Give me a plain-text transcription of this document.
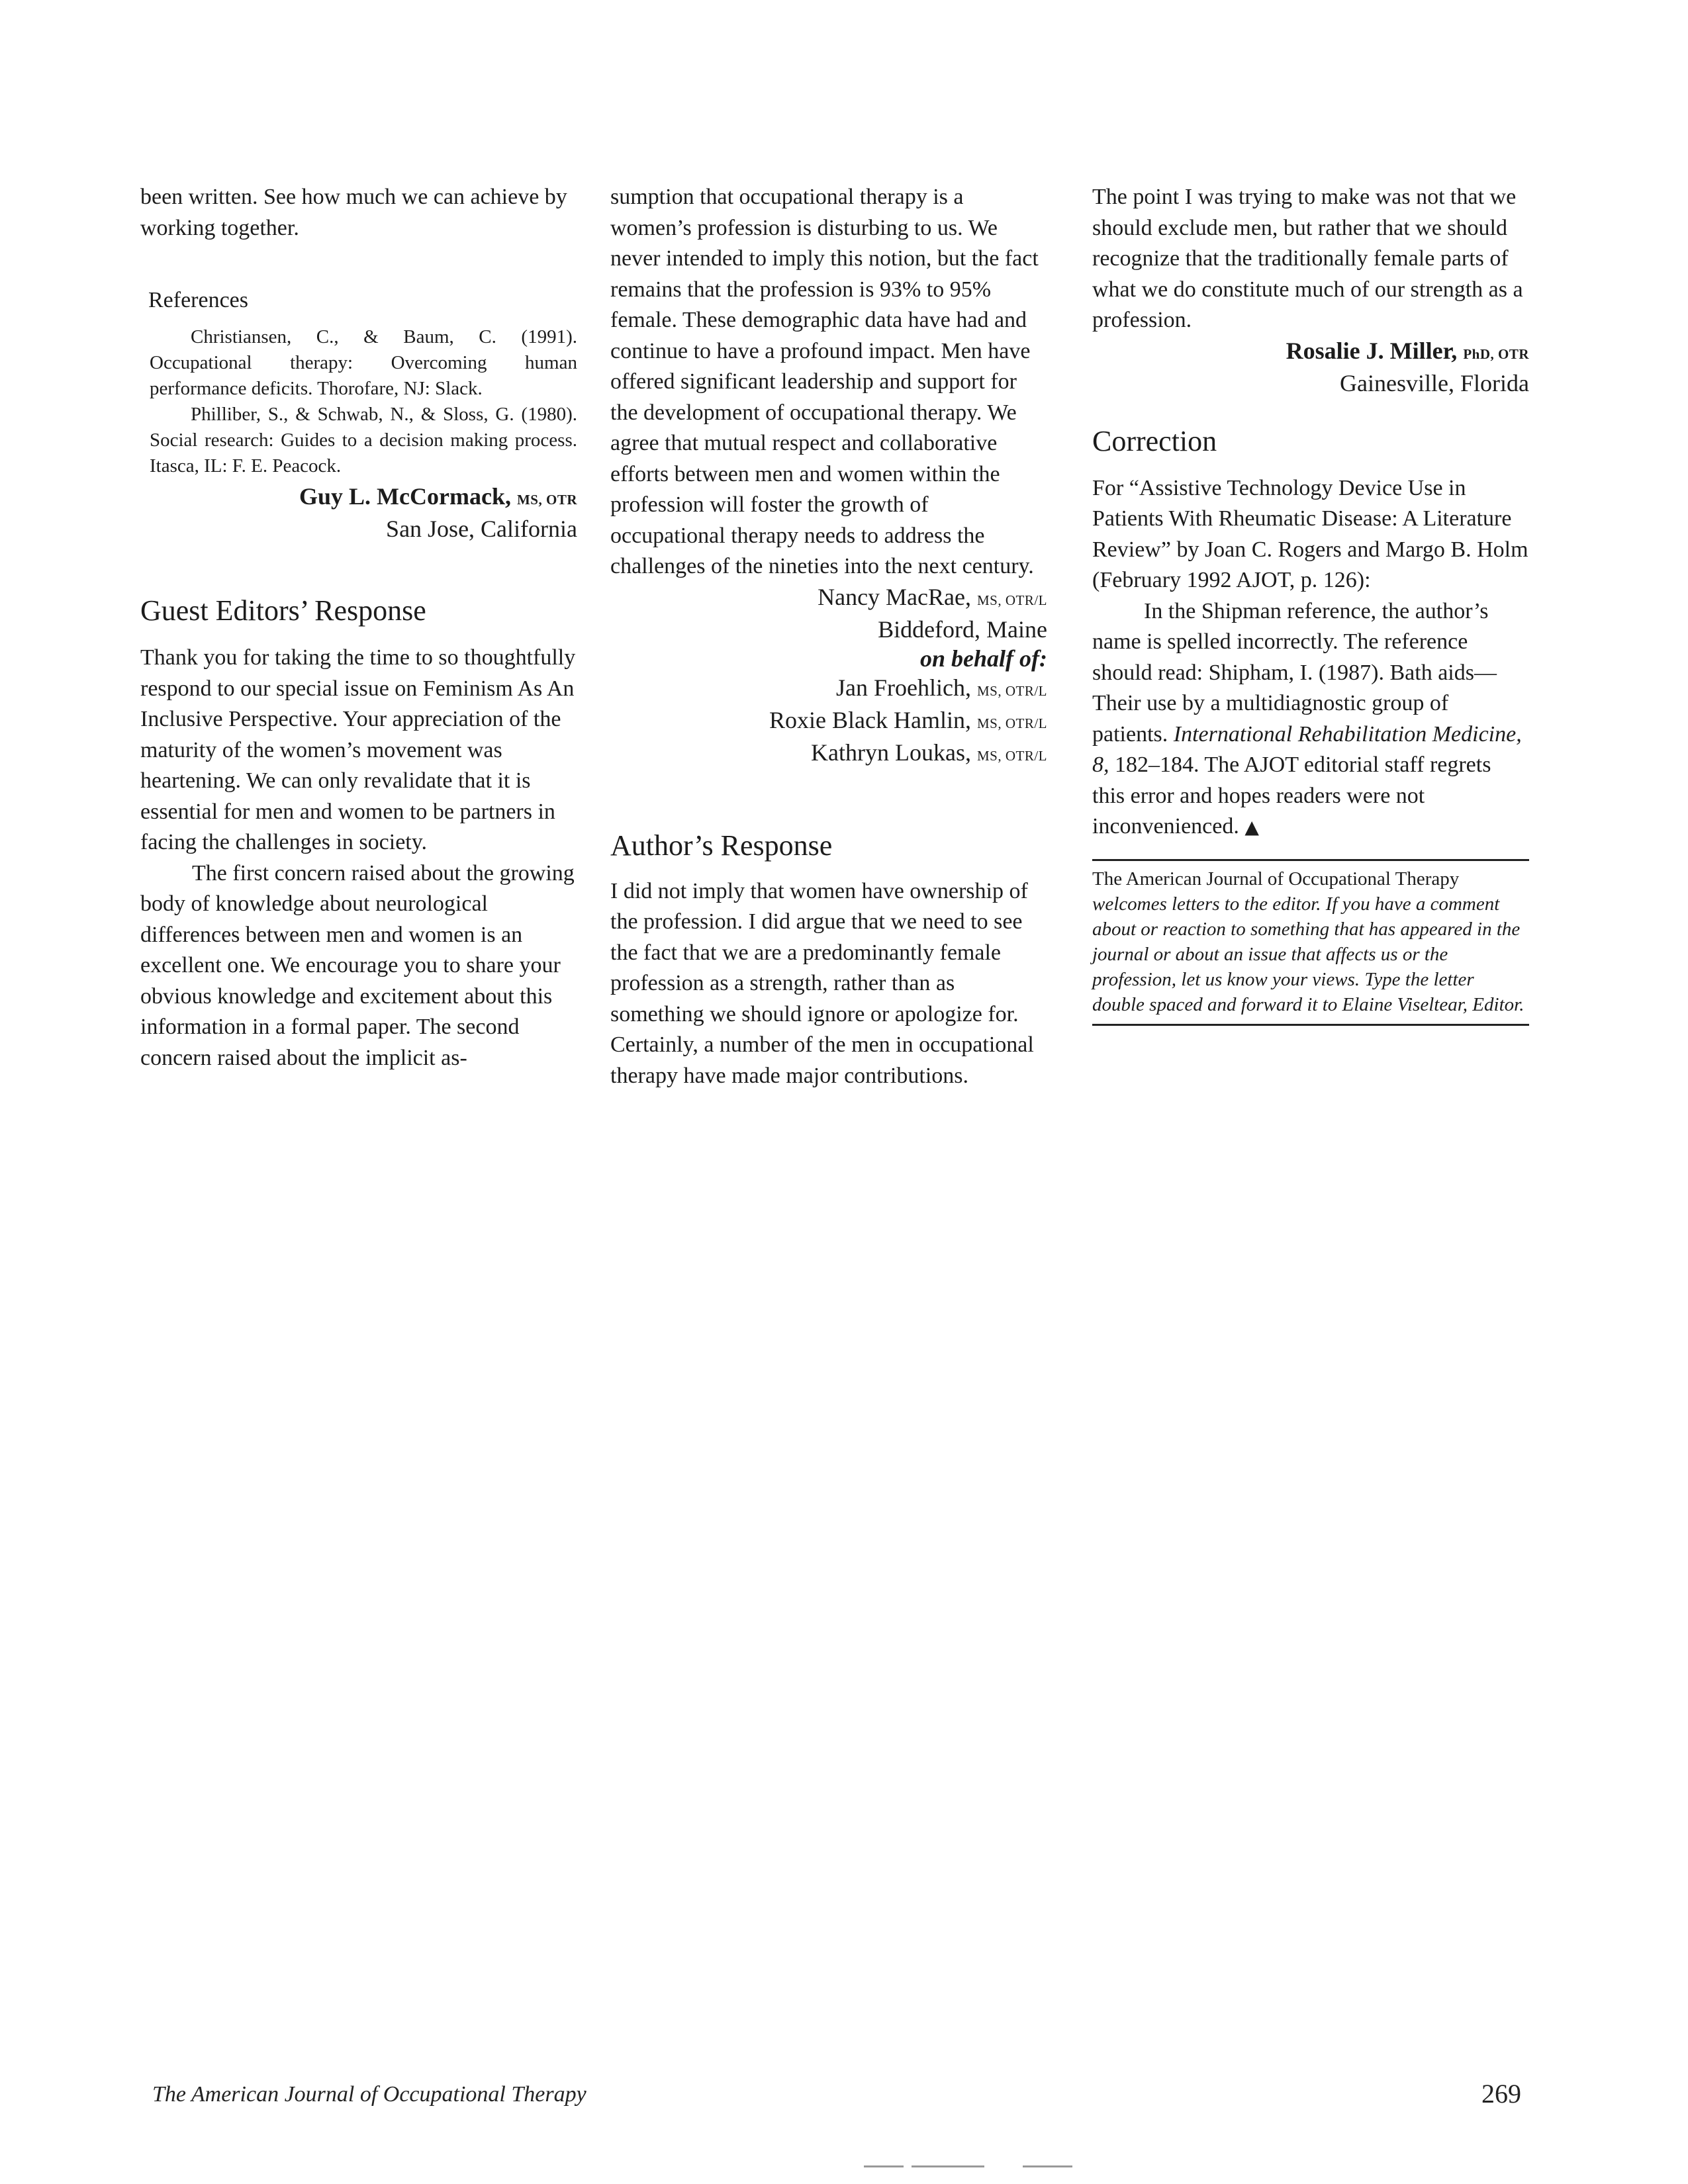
been written. See how much we can achieve by working together.

References

Christiansen, C., & Baum, C. (1991). Occupational therapy: Overcoming human performance deficits. Thorofare, NJ: Slack.

Philliber, S., & Schwab, N., & Sloss, G. (1980). Social research: Guides to a decision making process. Itasca, IL: F. E. Peacock.

Guy L. McCormack, MS, OTR

San Jose, California

Guest Editors’ Response

Thank you for taking the time to so thoughtfully respond to our special issue on Feminism As An Inclusive Perspective. Your appreciation of the maturity of the women’s movement was heartening. We can only revalidate that it is essential for men and women to be partners in facing the challenges in society.

The first concern raised about the growing body of knowledge about neurological differences between men and women is an excellent one. We encourage you to share your obvious knowledge and excitement about this information in a formal paper. The second concern raised about the implicit as-

sumption that occupational therapy is a women’s profession is disturbing to us. We never intended to imply this notion, but the fact remains that the profession is 93% to 95% female. These demographic data have had and continue to have a profound impact. Men have offered significant leadership and support for the development of occupational therapy. We agree that mutual respect and collaborative efforts between men and women within the profession will foster the growth of occupational therapy needs to address the challenges of the nineties into the next century.

Nancy MacRae, MS, OTR/L

Biddeford, Maine

on behalf of:

Jan Froehlich, MS, OTR/L

Roxie Black Hamlin, MS, OTR/L

Kathryn Loukas, MS, OTR/L

Author’s Response

I did not imply that women have ownership of the profession. I did argue that we need to see the fact that we are a predominantly female profession as a strength, rather than as something we should ignore or apologize for. Certainly, a number of the men in occupational therapy have made major contributions.

The point I was trying to make was not that we should exclude men, but rather that we should recognize that the traditionally female parts of what we do constitute much of our strength as a profession.

Rosalie J. Miller, PhD, OTR

Gainesville, Florida

Correction

For “Assistive Technology Device Use in Patients With Rheumatic Disease: A Literature Review” by Joan C. Rogers and Margo B. Holm (February 1992 AJOT, p. 126):

In the Shipman reference, the author’s name is spelled incorrectly. The reference should read: Shipham, I. (1987). Bath aids—Their use by a multidiagnostic group of patients. International Rehabilitation Medicine, 8, 182–184. The AJOT editorial staff regrets this error and hopes readers were not inconvenienced. ▲

The American Journal of Occupational Therapy welcomes letters to the editor. If you have a comment about or reaction to something that has appeared in the journal or about an issue that affects us or the profession, let us know your views. Type the letter double spaced and forward it to Elaine Viseltear, Editor.

The American Journal of Occupational Therapy	269
